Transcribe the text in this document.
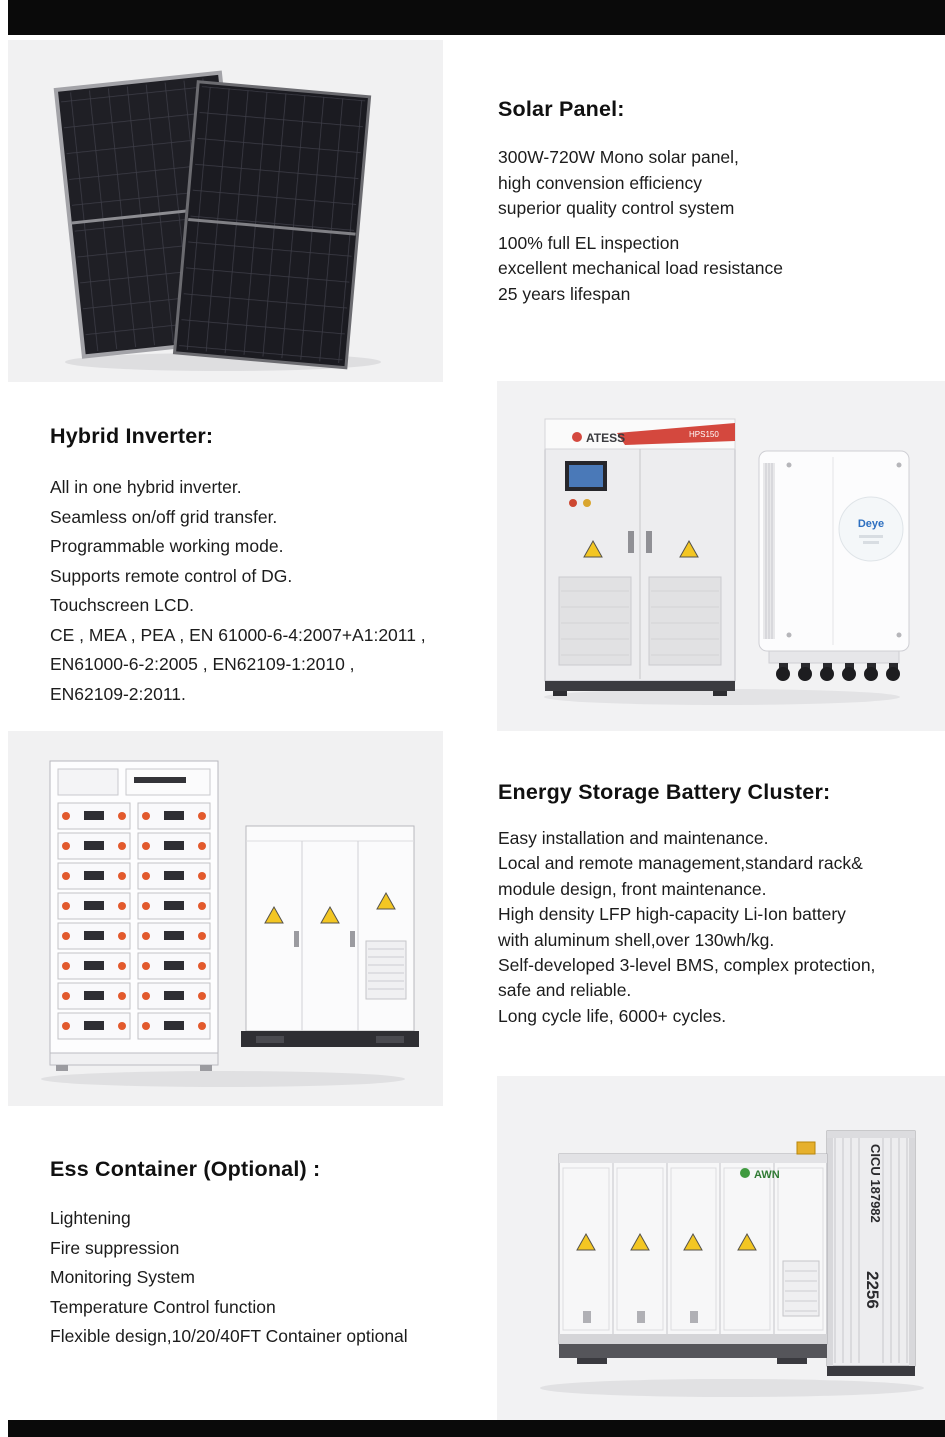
Solar Panel:

300W-720W Mono solar panel,

high convension efficiency

superior quality control system

100% full EL inspection

excellent mechanical load resistance

25 years lifespan

Hybrid Inverter:

All in one hybrid inverter.

Seamless on/off grid transfer.

Programmable working mode.

Supports remote control of DG.

Touchscreen LCD.

CE , MEA , PEA , EN 61000-6-4:2007+A1:2011 ,

EN61000-6-2:2005 , EN62109-1:2010 ,

EN62109-2:2011.

ATESS	HPS150
Deye
Energy Storage Battery Cluster:

Easy installation and maintenance.

Local and remote management,standard rack&

module design, front maintenance.

High density LFP high-capacity Li-Ion battery

with aluminum shell,over 130wh/kg.

Self-developed 3-level BMS, complex protection,

safe and reliable.

Long cycle life, 6000+ cycles.

Ess Container (Optional) :

Lightening

Fire suppression

Monitoring System

Temperature Control function

Flexible design,10/20/40FT Container optional

CICU 187982
2256
AWN
